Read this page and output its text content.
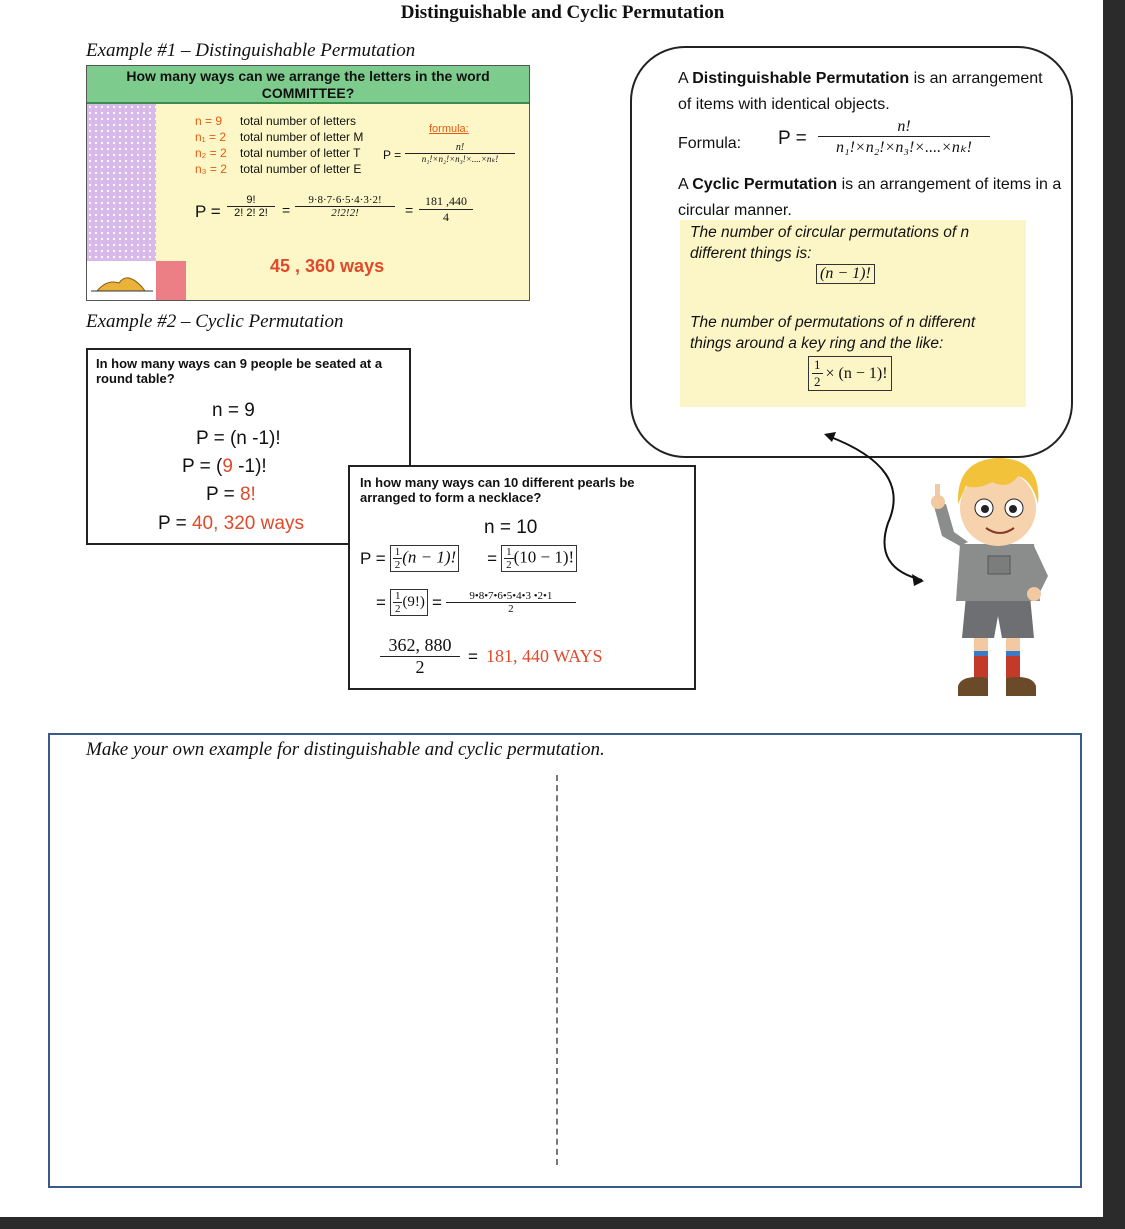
Distinguishable and Cyclic Permutation
Example #1 – Distinguishable Permutation
How many ways can we arrange the letters in the word COMMITTEE?
n = 9 total number of letters
n₁ = 2 total number of letter M
n₂ = 2 total number of letter T
n₃ = 2 total number of letter E
formula:
$P = \frac{n!}{\text{n₁!×n₂!×n₃!×....×nₖ!}}$
$P = \frac{9!}{2! 2! 2!} = \frac{9\cdot 8\cdot 7\cdot 6\cdot 5\cdot 4\cdot 3\cdot 2!}{2!2!2!} = \frac{181 ,440}{4}$
45 , 360 ways
Example #2 – Cyclic Permutation
In how many ways can 9 people be seated at a round table?
n = 9
P = (n -1)!
P = (9 -1)!
P = 8!
P = 40, 320 ways
In how many ways can 10 different pearls be arranged to form a necklace?
n = 10
$P = \frac{1}{2} (n - 1)$! = $\frac{1}{2} (10 - 1)$!
= $\frac{1}{2} (9!) = \frac{9•8•7•6•5•4•3 •2•1}{2}$
$\frac{362, 880}{2} = 181$, 440 WAYS

A Distinguishable Permutation is an arrangement of items with identical objects.

Formula: $P = \frac{n!}{\text{n₁!×n₂!×n₃!×....×nₖ!}}$

A Cyclic Permutation is an arrangement of items in a circular manner.

The number of circular permutations of n different things is:
(n − 1)!
The number of permutations of n different things around a key ring and the like:
$\frac{1}{2} \times (n - 1)$!
Make your own example for distinguishable and cyclic permutation.
